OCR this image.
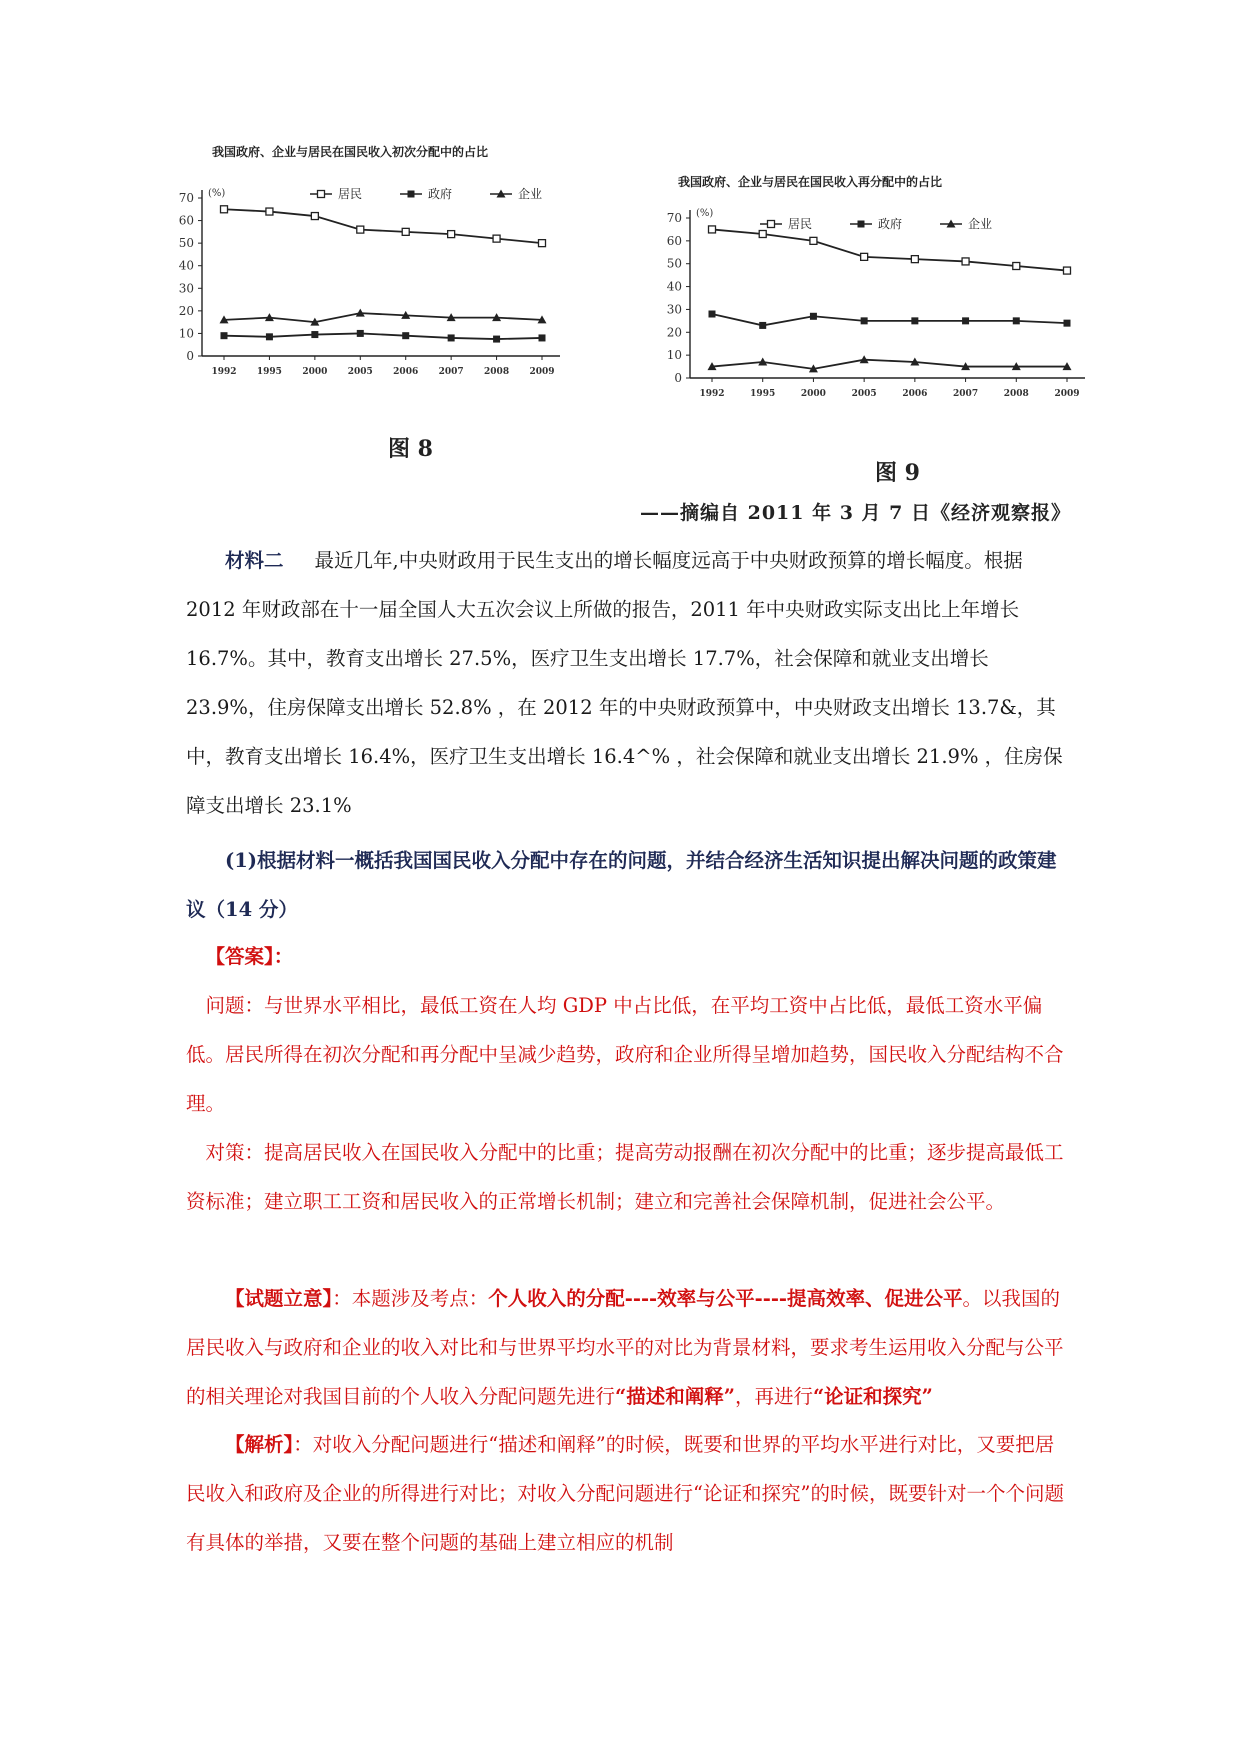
我国政府、企业与居民在国民收入初次分配中的占比
(%)
0
10
20
30
40
50
60
70
1992 1995 2000 2005 2006 2007 2008 2009
居民	政府	企业
图 8
我国政府、企业与居民在国民收入再分配中的占比
(%)
0
10
20
30
40
50
60
70
1992	1995	2000	2005	2006	2007	2008	2009
居民	政府	企业
图 9
——摘编自 2011 年 3 月 7 日《经济观察报》

材料二 最近几年,中央财政用于民生支出的增长幅度远高于中央财政预算的增长幅度。根据 2012 年财政部在十一届全国人大五次会议上所做的报告，2011 年中央财政实际支出比上年增长 16.7%。其中，教育支出增长 27.5%，医疗卫生支出增长 17.7%，社会保障和就业支出增长 23.9%，住房保障支出增长 52.8% ，在 2012 年的中央财政预算中，中央财政支出增长 13.7&，其中，教育支出增长 16.4%，医疗卫生支出增长 16.4^% ，社会保障和就业支出增长 21.9% ，住房保障支出增长 23.1%

(1)根据材料一概括我国国民收入分配中存在的问题，并结合经济生活知识提出解决问题的政策建议（14 分）

【答案】：

问题：与世界水平相比，最低工资在人均 GDP 中占比低，在平均工资中占比低，最低工资水平偏低。居民所得在初次分配和再分配中呈减少趋势，政府和企业所得呈增加趋势，国民收入分配结构不合理。

对策：提高居民收入在国民收入分配中的比重；提高劳动报酬在初次分配中的比重；逐步提高最低工资标准；建立职工工资和居民收入的正常增长机制；建立和完善社会保障机制，促进社会公平。

【试题立意】：本题涉及考点：个人收入的分配----效率与公平----提高效率、促进公平。以我国的居民收入与政府和企业的收入对比和与世界平均水平的对比为背景材料，要求考生运用收入分配与公平的相关理论对我国目前的个人收入分配问题先进行“描述和阐释”，再进行“论证和探究”

【解析】：对收入分配问题进行“描述和阐释”的时候，既要和世界的平均水平进行对比，又要把居民收入和政府及企业的所得进行对比；对收入分配问题进行“论证和探究”的时候，既要针对一个个问题有具体的举措，又要在整个问题的基础上建立相应的机制
